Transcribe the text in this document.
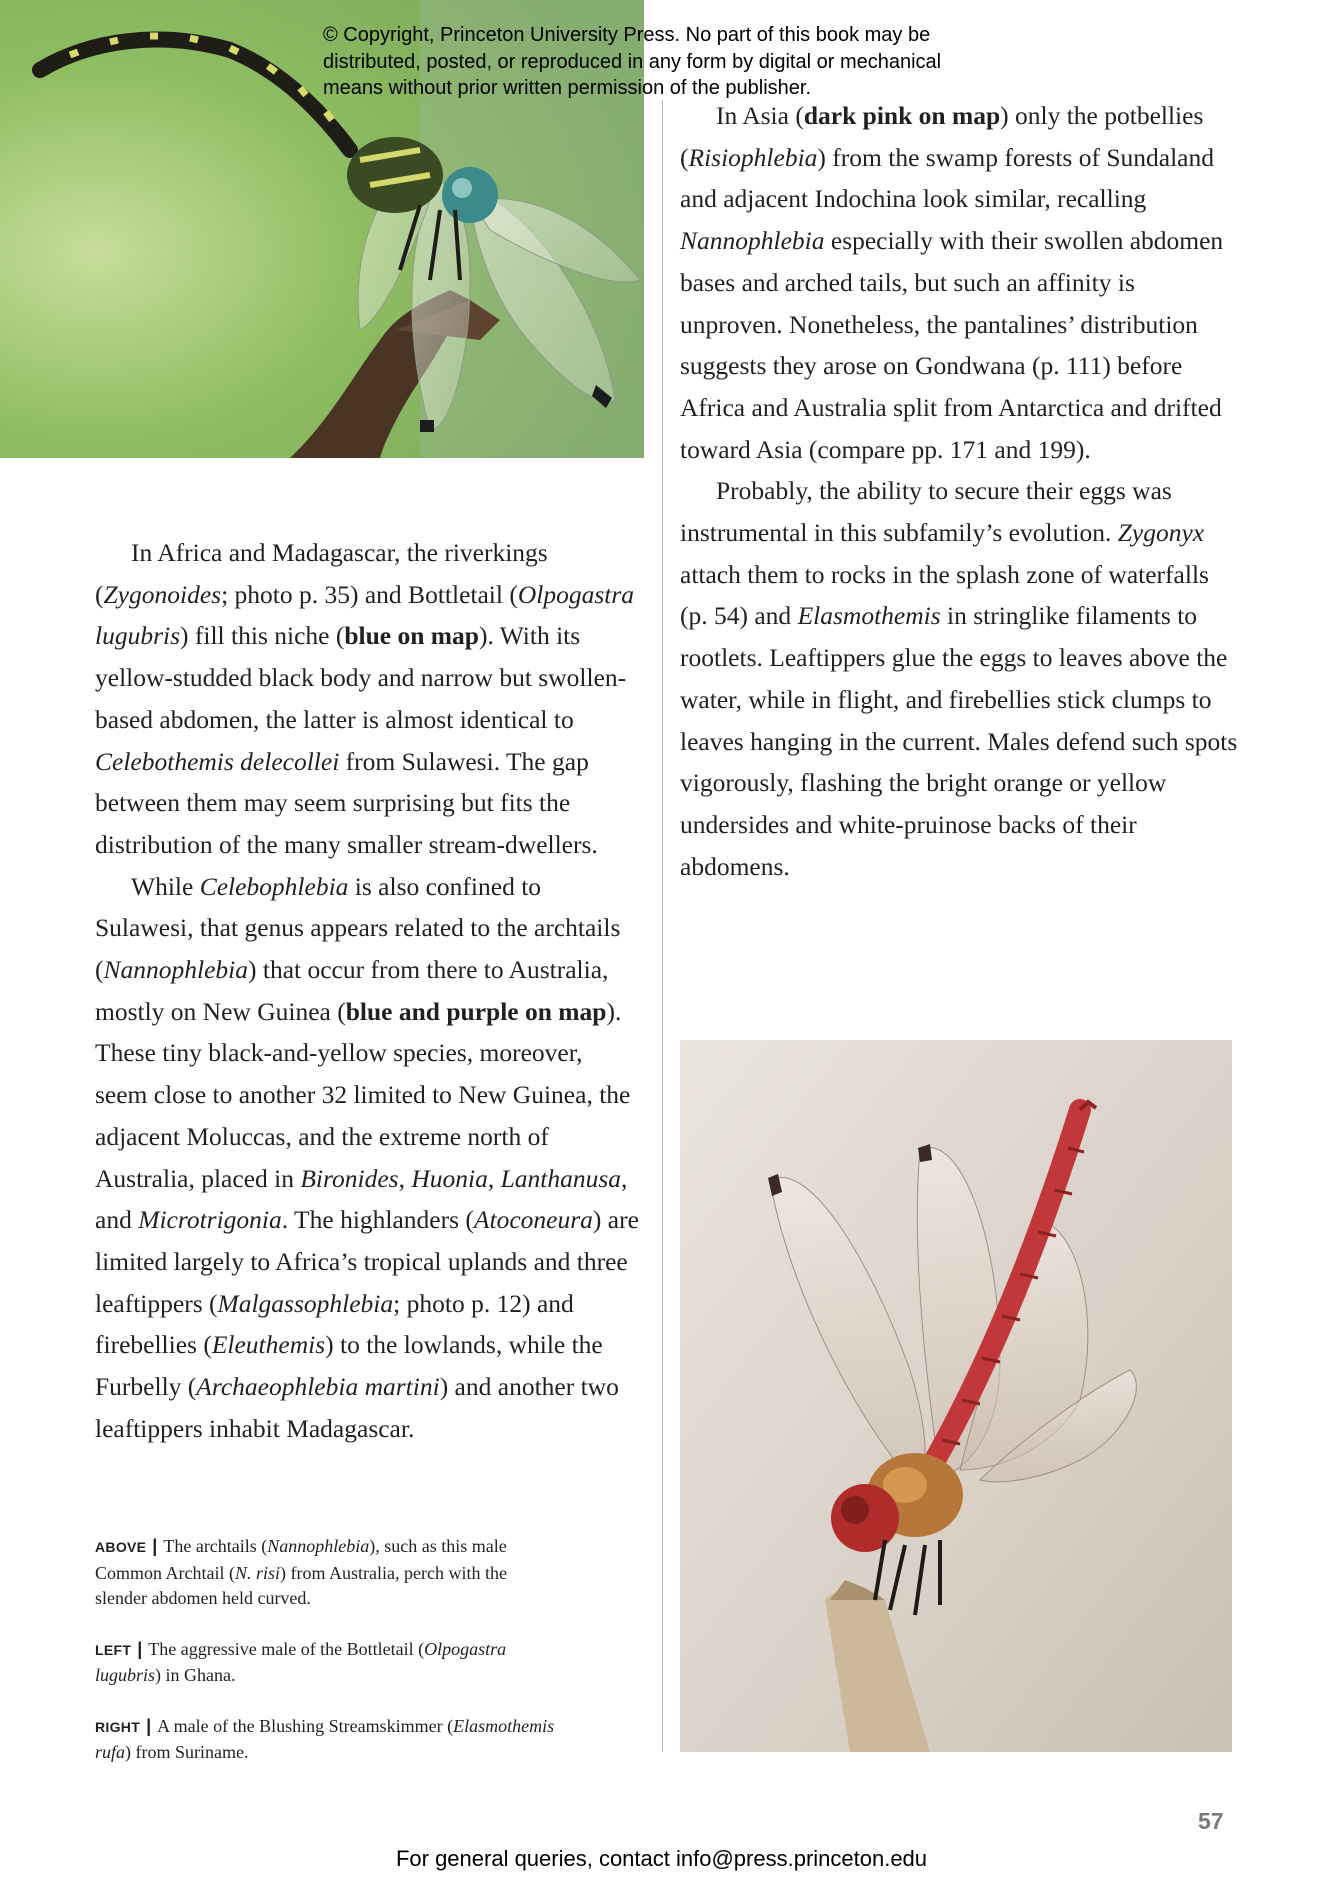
© Copyright, Princeton University Press. No part of this book may be
distributed, posted, or reproduced in any form by digital or mechanical
means without prior written permission of the publisher.

In Africa and Madagascar, the riverkings (Zygonoides; photo p. 35) and Bottletail (Olpogastra lugubris) fill this niche (blue on map). With its yellow-studded black body and narrow but swollen-based abdomen, the latter is almost identical to Celebothemis delecollei from Sulawesi. The gap between them may seem surprising but fits the distribution of the many smaller stream-dwellers.

While Celebophlebia is also confined to Sulawesi, that genus appears related to the archtails (Nannophlebia) that occur from there to Australia, mostly on New Guinea (blue and purple on map). These tiny black-and-yellow species, moreover, seem close to another 32 limited to New Guinea, the adjacent Moluccas, and the extreme north of Australia, placed in Bironides, Huonia, Lanthanusa, and Microtrigonia. The highlanders (Atoconeura) are limited largely to Africa’s tropical uplands and three leaftippers (Malgassophlebia; photo p. 12) and firebellies (Eleuthemis) to the lowlands, while the Furbelly (Archaeophlebia martini) and another two leaftippers inhabit Madagascar.

In Asia (dark pink on map) only the potbellies (Risiophlebia) from the swamp forests of Sundaland and adjacent Indochina look similar, recalling Nannophlebia especially with their swollen abdomen bases and arched tails, but such an affinity is unproven. Nonetheless, the pantalines’ distribution suggests they arose on Gondwana (p. 111) before Africa and Australia split from Antarctica and drifted toward Asia (compare pp. 171 and 199).

Probably, the ability to secure their eggs was instrumental in this subfamily’s evolution. Zygonyx attach them to rocks in the splash zone of waterfalls (p. 54) and Elasmothemis in stringlike filaments to rootlets. Leaftippers glue the eggs to leaves above the water, while in flight, and firebellies stick clumps to leaves hanging in the current. Males defend such spots vigorously, flashing the bright orange or yellow undersides and white-pruinose backs of their abdomens.

ABOVE | The archtails (Nannophlebia), such as this male Common Archtail (N. risi) from Australia, perch with the slender abdomen held curved.

LEFT | The aggressive male of the Bottletail (Olpogastra lugubris) in Ghana.

RIGHT | A male of the Blushing Streamskimmer (Elasmothemis rufa) from Suriname.

57
For general queries, contact info@press.princeton.edu
